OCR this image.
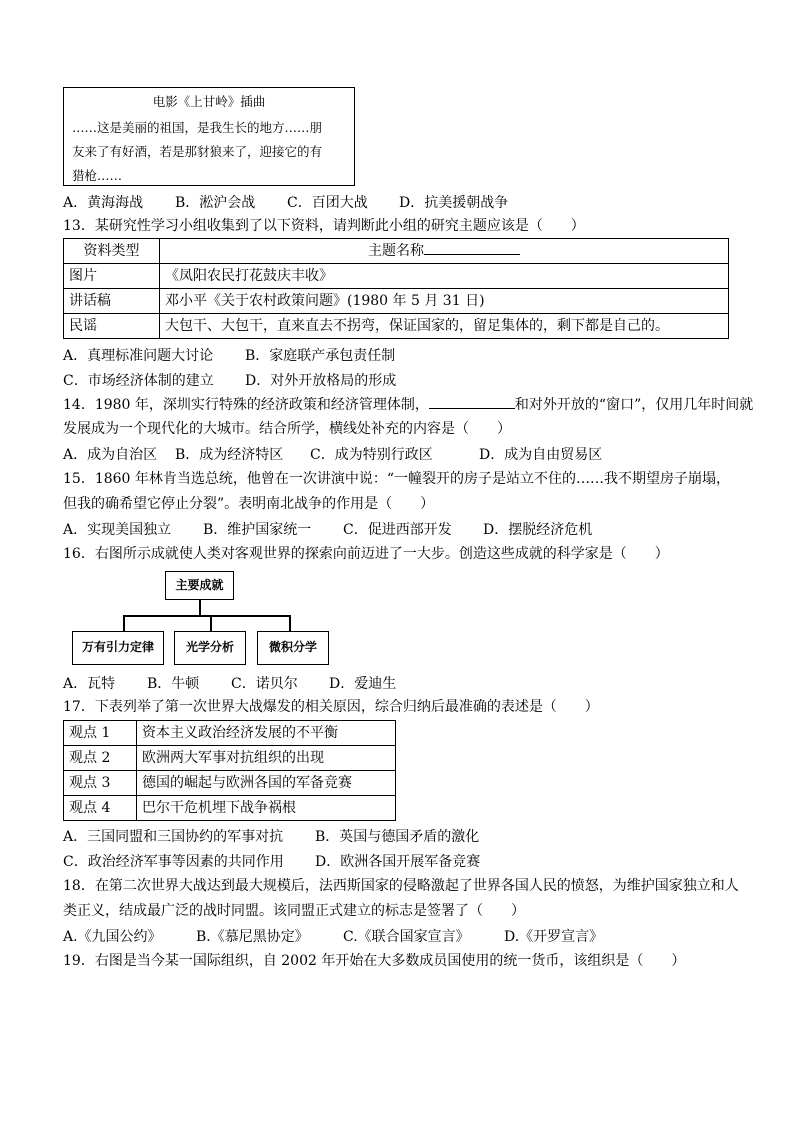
电影《上甘岭》插曲
……这是美丽的祖国，是我生长的地方……朋
友来了有好酒，若是那豺狼来了，迎接它的有
猎枪……
A．黄海海战 B．淞沪会战 C．百团大战 D．抗美援朝战争
13．某研究性学习小组收集到了以下资料，请判断此小组的研究主题应该是（　　）
资料类型	主题名称
图片	《凤阳农民打花鼓庆丰收》
讲话稿	邓小平《关于农村政策问题》(1980 年 5 月 31 日)
民谣	大包干、大包干，直来直去不拐弯，保证国家的，留足集体的，剩下都是自己的。
A．真理标准问题大讨论 B．家庭联产承包责任制
C．市场经济体制的建立 D．对外开放格局的形成
14．1980 年，深圳实行特殊的经济政策和经济管理体制，	和对外开放的“窗口”，仅用几年时间就
发展成为一个现代化的大城市。结合所学，横线处补充的内容是（　　）
A．成为自治区 B．成为经济特区 C．成为特别行政区	D．成为自由贸易区
15．1860 年林肯当选总统，他曾在一次讲演中说：“一幢裂开的房子是站立不住的……我不期望房子崩塌，
但我的确希望它停止分裂”。表明南北战争的作用是（　　）
A．实现美国独立 B．维护国家统一 C．促进西部开发 D．摆脱经济危机
16．右图所示成就使人类对客观世界的探索向前迈进了一大步。创造这些成就的科学家是（　　）
主要成就
万有引力定律	光学分析	微积分学
A．瓦特 B．牛顿 C．诺贝尔 D．爱迪生
17．下表列举了第一次世界大战爆发的相关原因，综合归纳后最准确的表述是（　　）
观点 1	资本主义政治经济发展的不平衡
观点 2	欧洲两大军事对抗组织的出现
观点 3	德国的崛起与欧洲各国的军备竞赛
观点 4	巴尔干危机埋下战争祸根
A．三国同盟和三国协约的军事对抗 B．英国与德国矛盾的激化
C．政治经济军事等因素的共同作用 D．欧洲各国开展军备竞赛
18．在第二次世界大战达到最大规模后，法西斯国家的侵略激起了世界各国人民的愤怒，为维护国家独立和人
类正义，结成最广泛的战时同盟。该同盟正式建立的标志是签署了（　　）
A.《九国公约》 B.《慕尼黑协定》 C.《联合国家宣言》 D.《开罗宣言》
19．右图是当今某一国际组织，自 2002 年开始在大多数成员国使用的统一货币，该组织是（　　）
